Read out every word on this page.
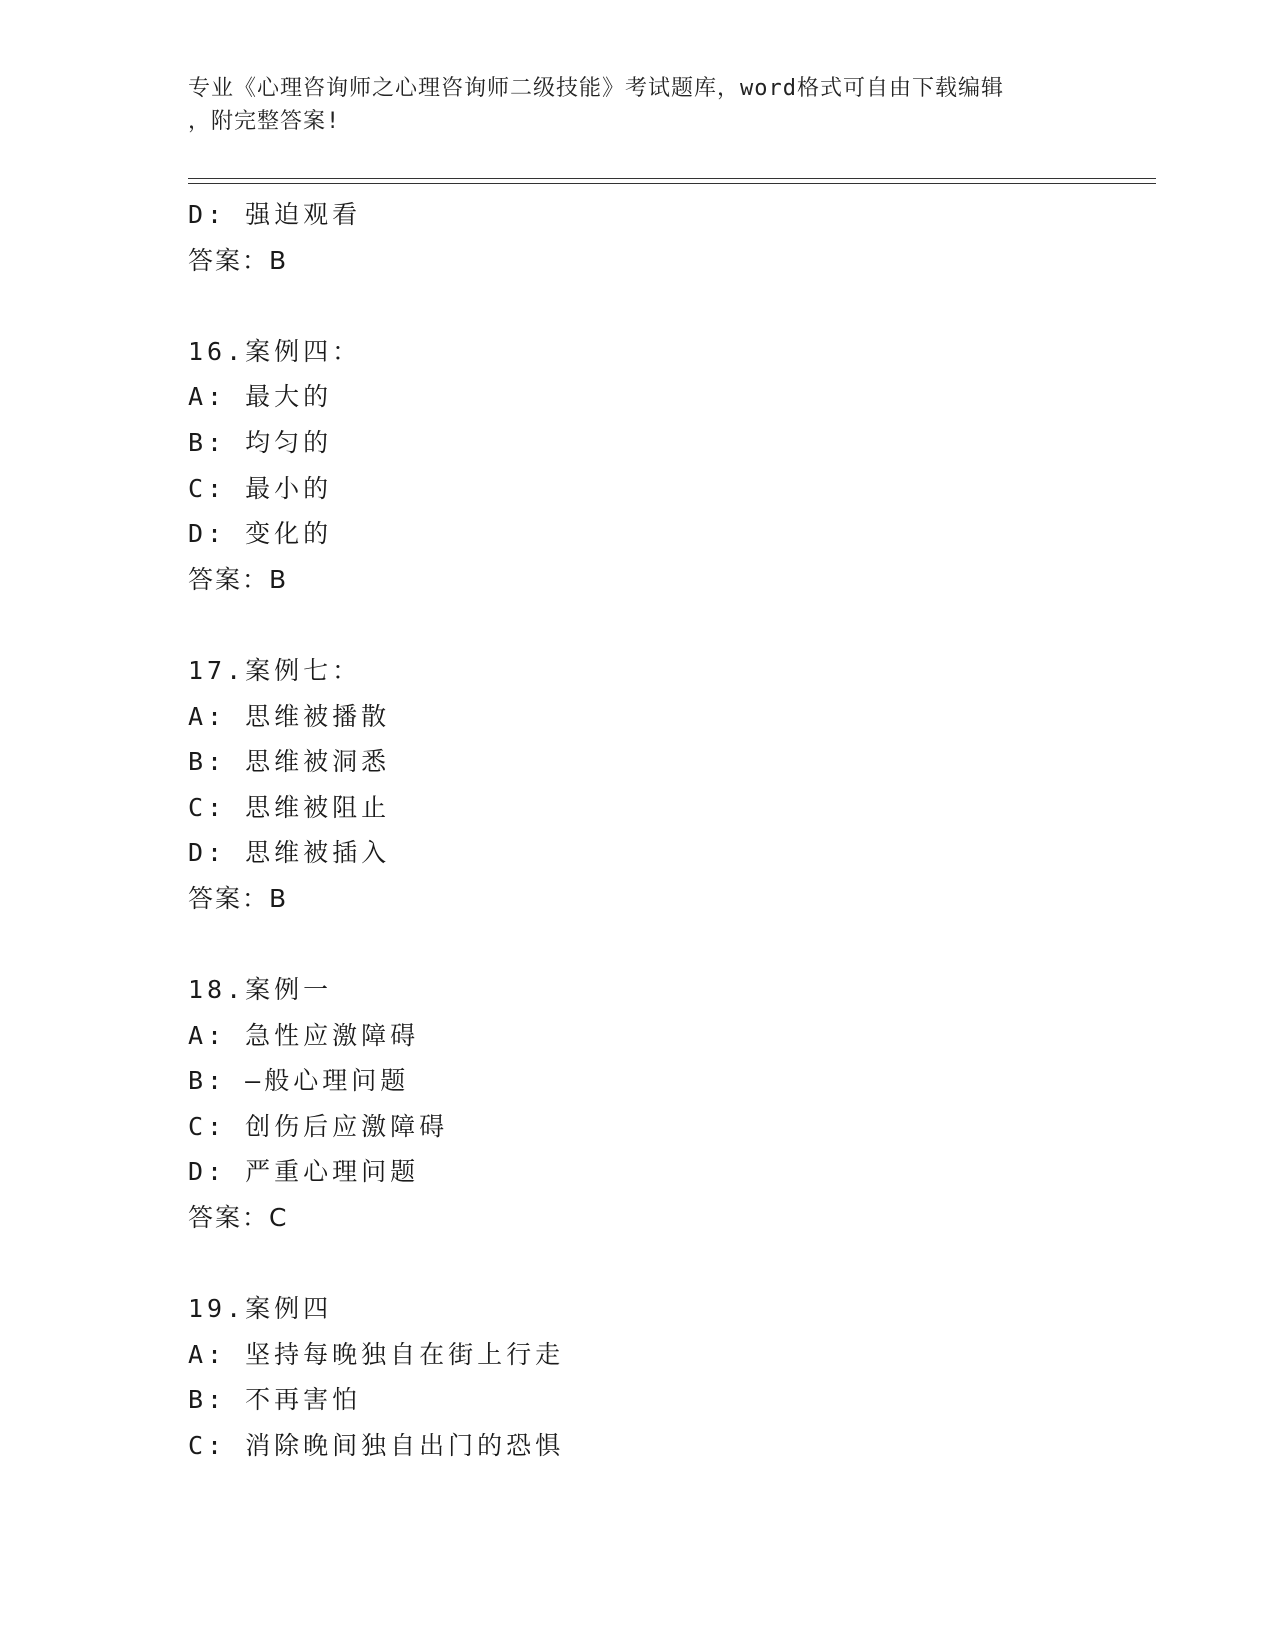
专业《心理咨询师之心理咨询师二级技能》考试题库，word格式可自由下载编辑
，附完整答案!
D: 强迫观看
答案：B
16.案例四：
A: 最大的
B: 均匀的
C: 最小的
D: 变化的
答案：B
17.案例七：
A: 思维被播散
B: 思维被洞悉
C: 思维被阻止
D: 思维被插入
答案：B
18.案例一
A: 急性应激障碍
B: —般心理问题
C: 创伤后应激障碍
D: 严重心理问题
答案：C
19.案例四
A: 坚持每晚独自在街上行走
B: 不再害怕
C: 消除晚间独自出门的恐惧
